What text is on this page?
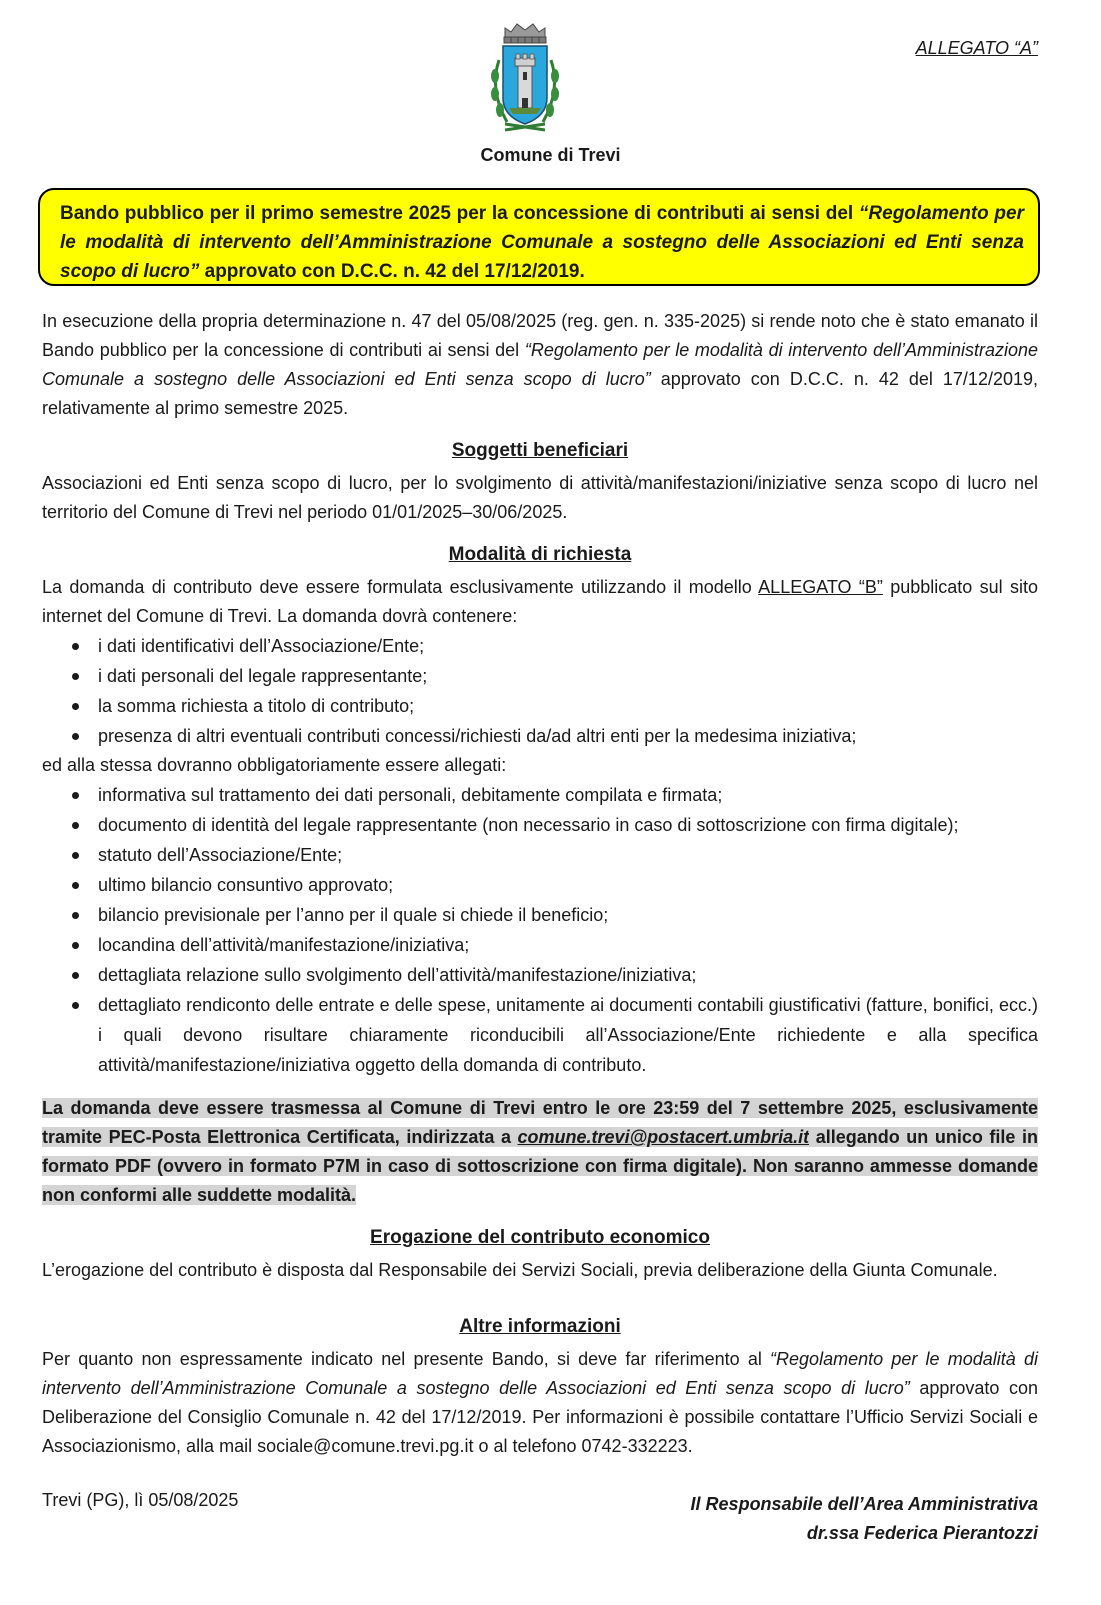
ALLEGATO “A”
Comune di Trevi
Bando pubblico per il primo semestre 2025 per la concessione di contributi ai sensi del “Regolamento per le modalità di intervento dell’Amministrazione Comunale a sostegno delle Associazioni ed Enti senza scopo di lucro” approvato con D.C.C. n. 42 del 17/12/2019.
In esecuzione della propria determinazione n. 47 del 05/08/2025 (reg. gen. n. 335-2025) si rende noto che è stato emanato il Bando pubblico per la concessione di contributi ai sensi del “Regolamento per le modalità di intervento dell’Amministrazione Comunale a sostegno delle Associazioni ed Enti senza scopo di lucro” approvato con D.C.C. n. 42 del 17/12/2019, relativamente al primo semestre 2025.
Soggetti beneficiari
Associazioni ed Enti senza scopo di lucro, per lo svolgimento di attività/manifestazioni/iniziative senza scopo di lucro nel territorio del Comune di Trevi nel periodo 01/01/2025–30/06/2025.
Modalità di richiesta
La domanda di contributo deve essere formulata esclusivamente utilizzando il modello ALLEGATO “B” pubblicato sul sito internet del Comune di Trevi. La domanda dovrà contenere:
i dati identificativi dell’Associazione/Ente;
i dati personali del legale rappresentante;
la somma richiesta a titolo di contributo;
presenza di altri eventuali contributi concessi/richiesti da/ad altri enti per la medesima iniziativa;
ed alla stessa dovranno obbligatoriamente essere allegati:
informativa sul trattamento dei dati personali, debitamente compilata e firmata;
documento di identità del legale rappresentante (non necessario in caso di sottoscrizione con firma digitale);
statuto dell’Associazione/Ente;
ultimo bilancio consuntivo approvato;
bilancio previsionale per l’anno per il quale si chiede il beneficio;
locandina dell’attività/manifestazione/iniziativa;
dettagliata relazione sullo svolgimento dell’attività/manifestazione/iniziativa;
dettagliato rendiconto delle entrate e delle spese, unitamente ai documenti contabili giustificativi (fatture, bonifici, ecc.) i quali devono risultare chiaramente riconducibili all’Associazione/Ente richiedente e alla specifica attività/manifestazione/iniziativa oggetto della domanda di contributo.
La domanda deve essere trasmessa al Comune di Trevi entro le ore 23:59 del 7 settembre 2025, esclusivamente tramite PEC-Posta Elettronica Certificata, indirizzata a comune.trevi@postacert.umbria.it allegando un unico file in formato PDF (ovvero in formato P7M in caso di sottoscrizione con firma digitale). Non saranno ammesse domande non conformi alle suddette modalità.
Erogazione del contributo economico
L’erogazione del contributo è disposta dal Responsabile dei Servizi Sociali, previa deliberazione della Giunta Comunale.
Altre informazioni
Per quanto non espressamente indicato nel presente Bando, si deve far riferimento al “Regolamento per le modalità di intervento dell’Amministrazione Comunale a sostegno delle Associazioni ed Enti senza scopo di lucro” approvato con Deliberazione del Consiglio Comunale n. 42 del 17/12/2019. Per informazioni è possibile contattare l’Ufficio Servizi Sociali e Associazionismo, alla mail sociale@comune.trevi.pg.it o al telefono 0742-332223.
Trevi (PG), lì 05/08/2025	Il Responsabile dell’Area Amministrativa
dr.ssa Federica Pierantozzi
